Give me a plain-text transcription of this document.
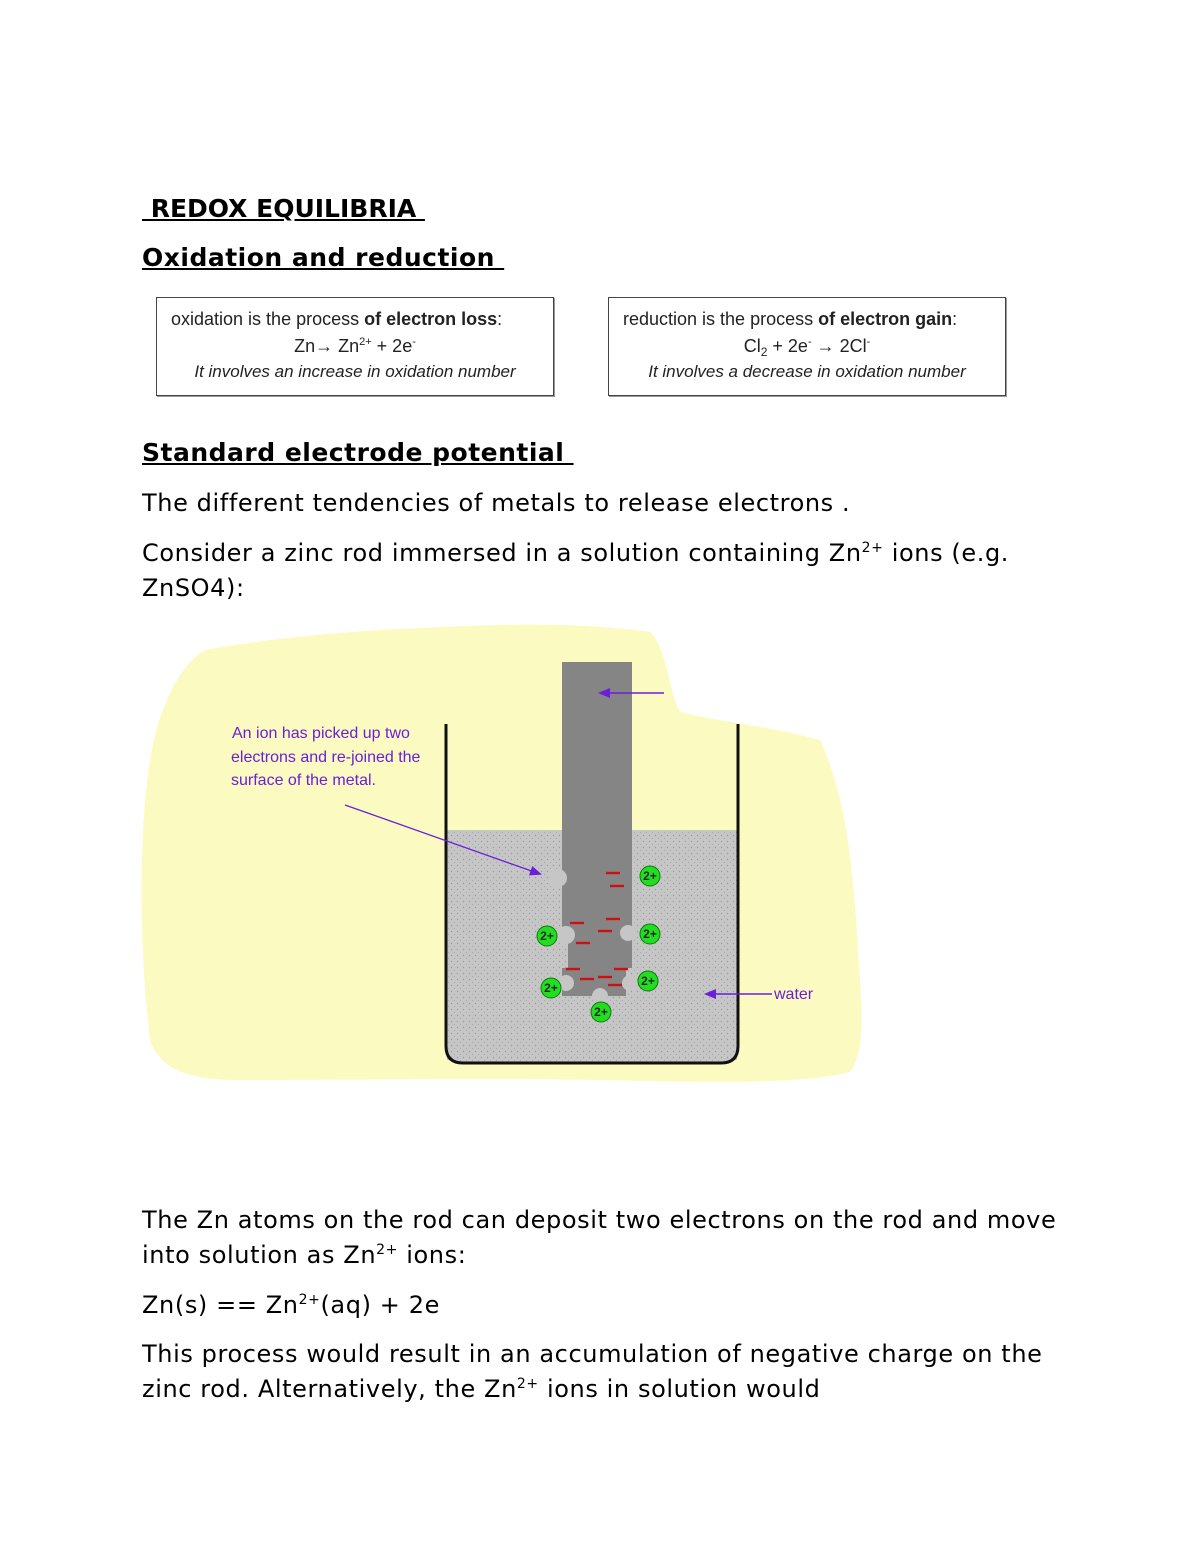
REDOX EQUILIBRIA
Oxidation and reduction
oxidation is the process of electron loss:
$Zn\to Zn^{2+} + 2e^-$
It involves an increase in oxidation number
reduction is the process of electron gain:
$Cl_2 + 2e^- \to 2Cl^-$
It involves a decrease in oxidation number
Standard electrode potential
The different tendencies of metals to release electrons .
Consider a zinc rod immersed in a solution containing $Zn^{2+}$ ions (e.g. ZnSO4):
2+
2+	2+
2+
2+
2+
An ion has picked up two
electrons and re-joined the
surface of the metal.
water
The Zn atoms on the rod can deposit two electrons on the rod and move into solution as $Zn^{2+}$ ions:
$Zn(s) == Zn^{2+}(aq) + 2e$
This process would result in an accumulation of negative charge on the zinc rod. Alternatively, the $Zn^{2+}$ ions in solution would
